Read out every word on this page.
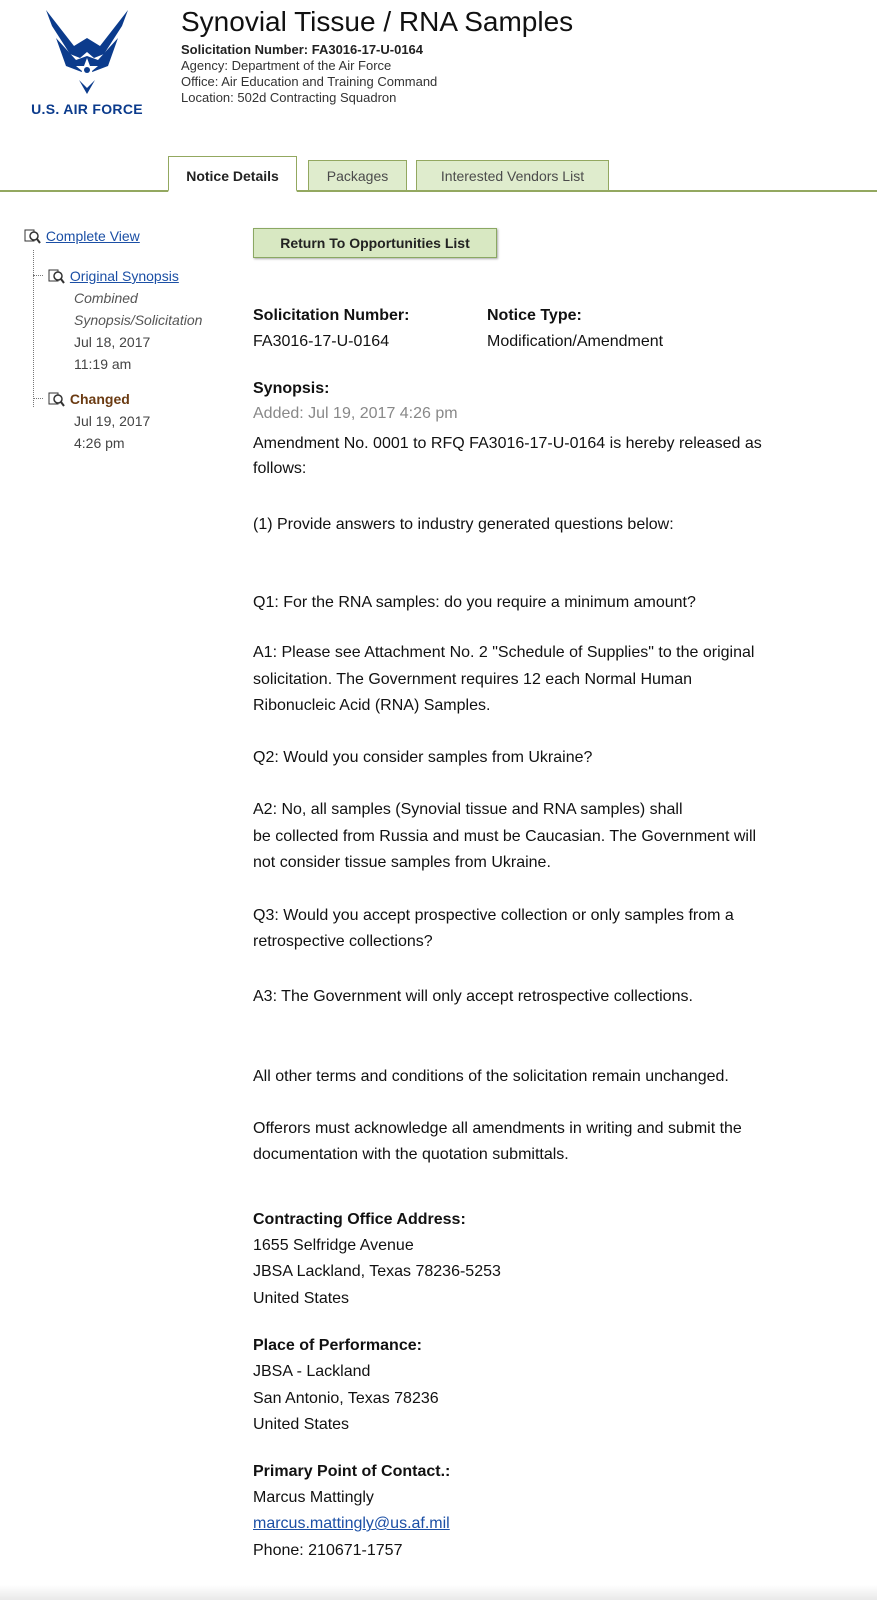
U.S. AIR FORCE
Synovial Tissue / RNA Samples
Solicitation Number: FA3016-17-U-0164
Agency: Department of the Air Force
Office: Air Education and Training Command
Location: 502d Contracting Squadron
Notice Details	Packages	Interested Vendors List
Complete View
Original Synopsis
Combined
Synopsis/Solicitation
Jul 18, 2017
11:19 am
Changed
Jul 19, 2017
4:26 pm
Return To Opportunities List
Solicitation Number:
FA3016-17-U-0164
Notice Type:
Modification/Amendment
Synopsis:
Added: Jul 19, 2017 4:26 pm
Amendment No. 0001 to RFQ FA3016-17-U-0164 is hereby released as
follows:
(1) Provide answers to industry generated questions below:
Q1: For the RNA samples: do you require a minimum amount?
A1: Please see Attachment No. 2 "Schedule of Supplies" to the original
solicitation. The Government requires 12 each Normal Human
Ribonucleic Acid (RNA) Samples.
Q2: Would you consider samples from Ukraine?
A2: No, all samples (Synovial tissue and RNA samples) shall
be collected from Russia and must be Caucasian. The Government will
not consider tissue samples from Ukraine.
Q3: Would you accept prospective collection or only samples from a
retrospective collections?
A3: The Government will only accept retrospective collections.
All other terms and conditions of the solicitation remain unchanged.
Offerors must acknowledge all amendments in writing and submit the
documentation with the quotation submittals.
Contracting Office Address:
1655 Selfridge Avenue
JBSA Lackland, Texas 78236-5253
United States
Place of Performance:
JBSA - Lackland
San Antonio, Texas 78236
United States
Primary Point of Contact.:
Marcus Mattingly
marcus.mattingly@us.af.mil
Phone: 210671-1757
